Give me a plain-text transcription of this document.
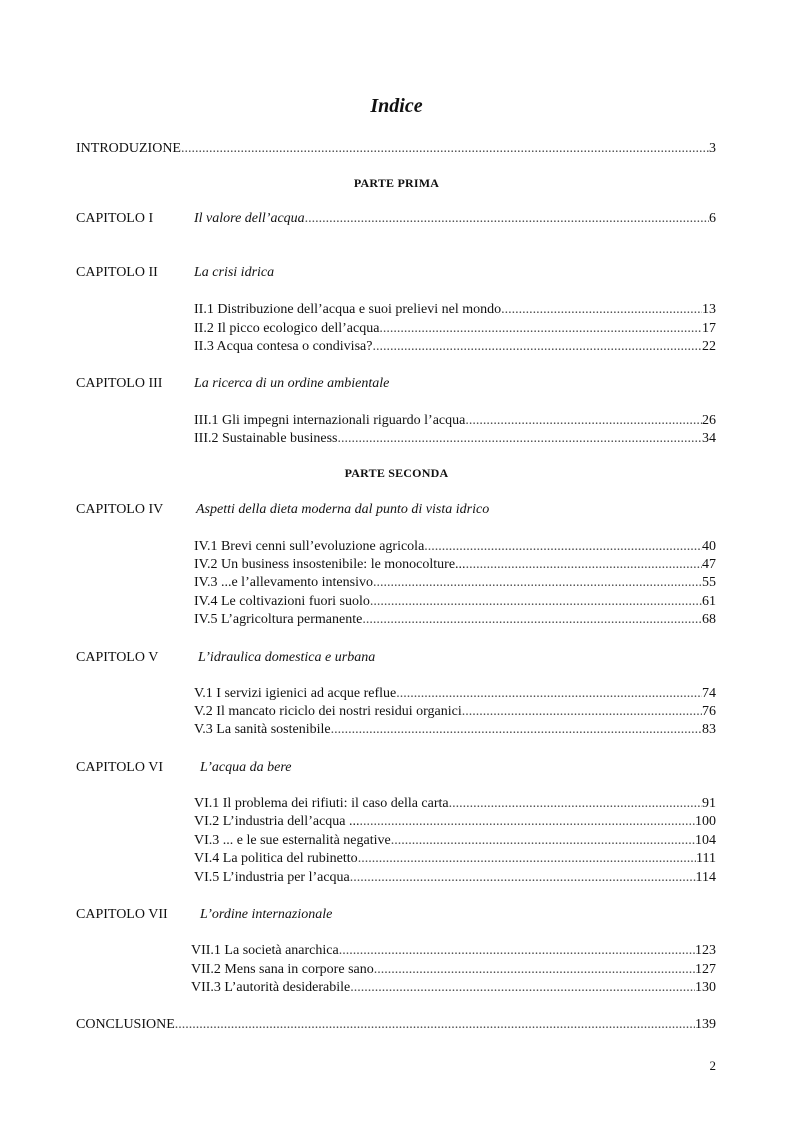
Indice
INTRODUZIONE .....	3
PARTE PRIMA
CAPITOLO I	Il valore dell’acqua .....	6
CAPITOLO II	La crisi idrica
II.1 Distribuzione dell’acqua e suoi prelievi nel mondo .....	13
II.2 Il picco ecologico dell’acqua .....	17
II.3 Acqua contesa o condivisa? .....	22
CAPITOLO III La ricerca di un ordine ambientale
III.1 Gli impegni internazionali riguardo l’acqua .....	26
III.2 Sustainable business .....	34
PARTE SECONDA
CAPITOLO IV Aspetti della dieta moderna dal punto di vista idrico
IV.1 Brevi cenni sull’evoluzione agricola .....	40
IV.2 Un business insostenibile: le monocolture... .....	47
IV.3 ...e l’allevamento intensivo .....	55
IV.4 Le coltivazioni fuori suolo .....	61
IV.5 L’agricoltura permanente .....	68
CAPITOLO V	L’idraulica domestica e urbana
V.1 I servizi igienici ad acque reflue .....	74
V.2 Il mancato riciclo dei nostri residui organici .....	76
V.3 La sanità sostenibile .....	83
CAPITOLO VI	L’acqua da bere
VI.1 Il problema dei rifiuti: il caso della carta .....	91
VI.2 L’industria dell’acqua ... .....	100
VI.3 ... e le sue esternalità negative .....	104
VI.4 La politica del rubinetto .....	111
VI.5 L’industria per l’acqua .....	114
CAPITOLO VII L’ordine internazionale
VII.1 La società anarchica .....	123
VII.2 Mens sana in corpore sano .....	127
VII.3 L’autorità desiderabile .....	130
CONCLUSIONE .....	139
2
